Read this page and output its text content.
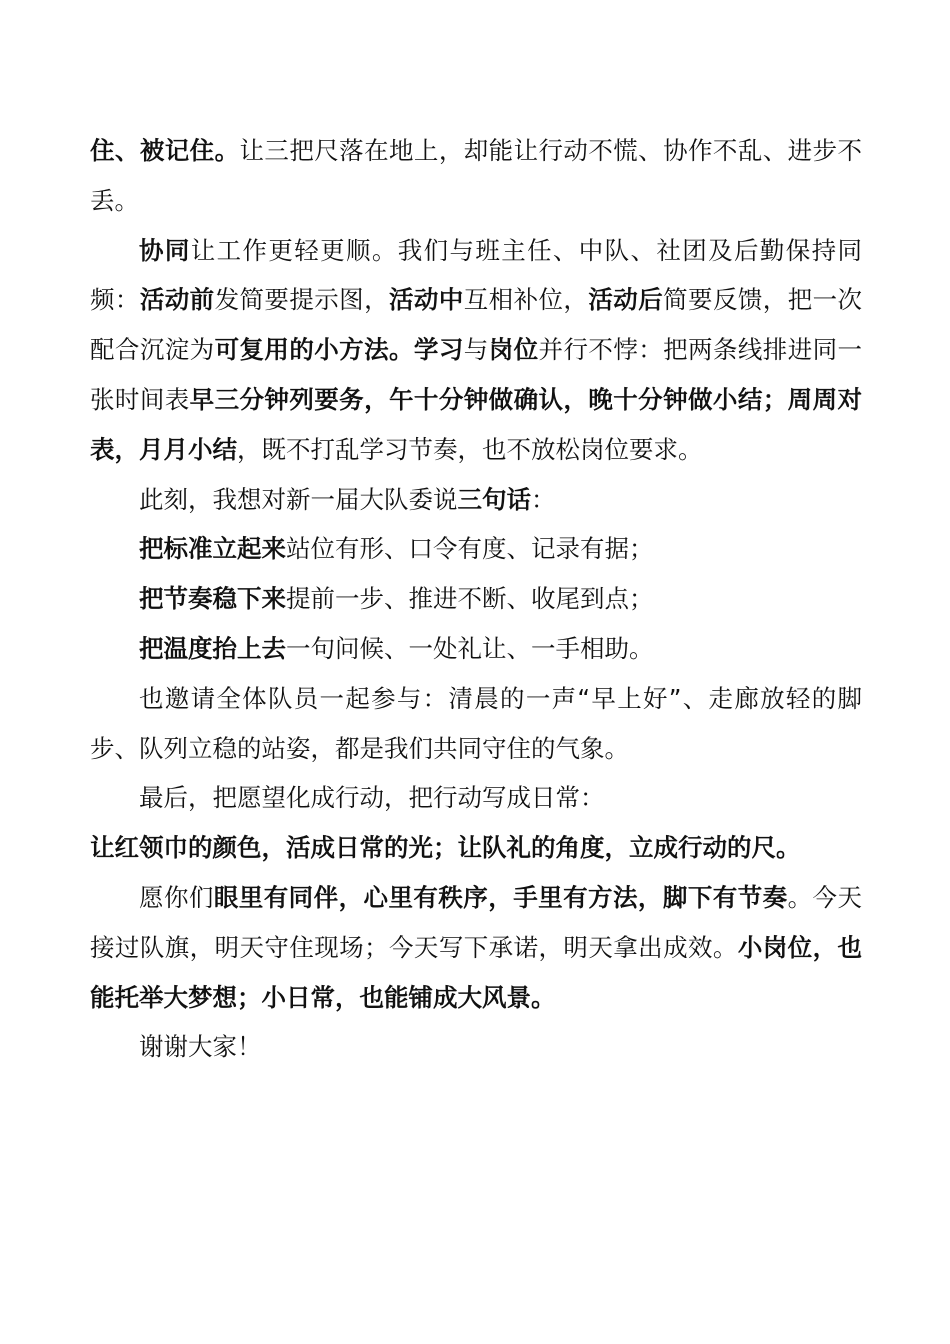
住、被记住。让三把尺落在地上，却能让行动不慌、协作不乱、进步不丢。

协同让工作更轻更顺。我们与班主任、中队、社团及后勤保持同频：活动前发简要提示图，活动中互相补位，活动后简要反馈，把一次配合沉淀为可复用的小方法。学习与岗位并行不悖：把两条线排进同一张时间表早三分钟列要务，午十分钟做确认，晚十分钟做小结；周周对表，月月小结，既不打乱学习节奏，也不放松岗位要求。

此刻，我想对新一届大队委说三句话：

把标准立起来站位有形、口令有度、记录有据；

把节奏稳下来提前一步、推进不断、收尾到点；

把温度抬上去一句问候、一处礼让、一手相助。

也邀请全体队员一起参与：清晨的一声“早上好”、走廊放轻的脚步、队列立稳的站姿，都是我们共同守住的气象。

最后，把愿望化成行动，把行动写成日常：

让红领巾的颜色，活成日常的光；让队礼的角度，立成行动的尺。

愿你们眼里有同伴，心里有秩序，手里有方法，脚下有节奏。今天接过队旗，明天守住现场；今天写下承诺，明天拿出成效。小岗位，也能托举大梦想；小日常，也能铺成大风景。

谢谢大家！
